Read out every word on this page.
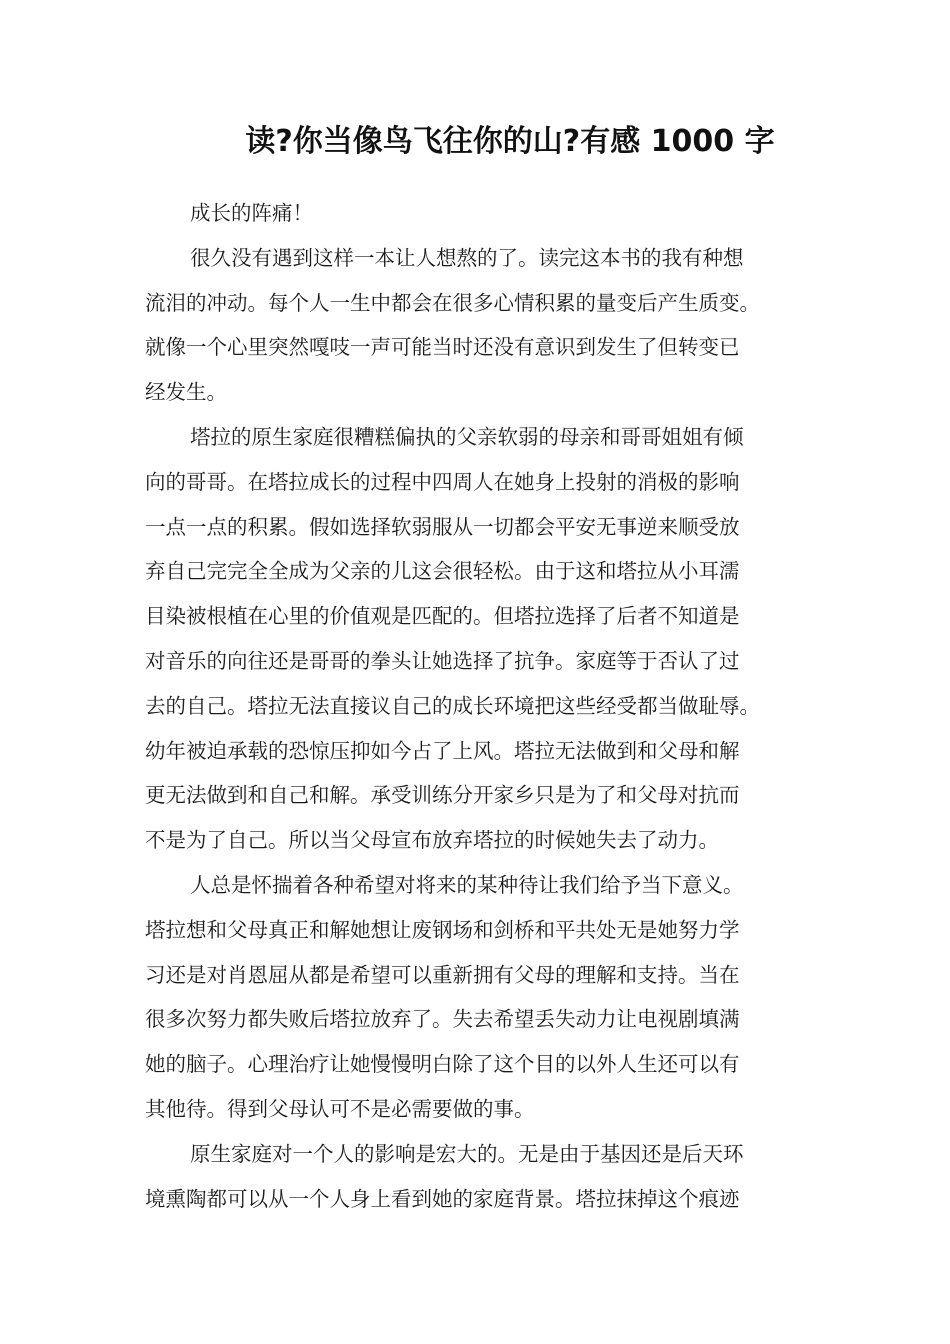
读?你当像鸟飞往你的山?有感 1000 字
成长的阵痛！
很久没有遇到这样一本让人想熬的了。读完这本书的我有种想
流泪的冲动。每个人一生中都会在很多心情积累的量变后产生质变。
就像一个心里突然嘎吱一声可能当时还没有意识到发生了但转变已
经发生。
塔拉的原生家庭很糟糕偏执的父亲软弱的母亲和哥哥姐姐有倾
向的哥哥。在塔拉成长的过程中四周人在她身上投射的消极的影响
一点一点的积累。假如选择软弱服从一切都会平安无事逆来顺受放
弃自己完完全全成为父亲的儿这会很轻松。由于这和塔拉从小耳濡
目染被根植在心里的价值观是匹配的。但塔拉选择了后者不知道是
对音乐的向往还是哥哥的拳头让她选择了抗争。家庭等于否认了过
去的自己。塔拉无法直接议自己的成长环境把这些经受都当做耻辱。
幼年被迫承载的恐惊压抑如今占了上风。塔拉无法做到和父母和解
更无法做到和自己和解。承受训练分开家乡只是为了和父母对抗而
不是为了自己。所以当父母宣布放弃塔拉的时候她失去了动力。
人总是怀揣着各种希望对将来的某种待让我们给予当下意义。
塔拉想和父母真正和解她想让废钢场和剑桥和平共处无是她努力学
习还是对肖恩屈从都是希望可以重新拥有父母的理解和支持。当在
很多次努力都失败后塔拉放弃了。失去希望丢失动力让电视剧填满
她的脑子。心理治疗让她慢慢明白除了这个目的以外人生还可以有
其他待。得到父母认可不是必需要做的事。
原生家庭对一个人的影响是宏大的。无是由于基因还是后天环
境熏陶都可以从一个人身上看到她的家庭背景。塔拉抹掉这个痕迹
